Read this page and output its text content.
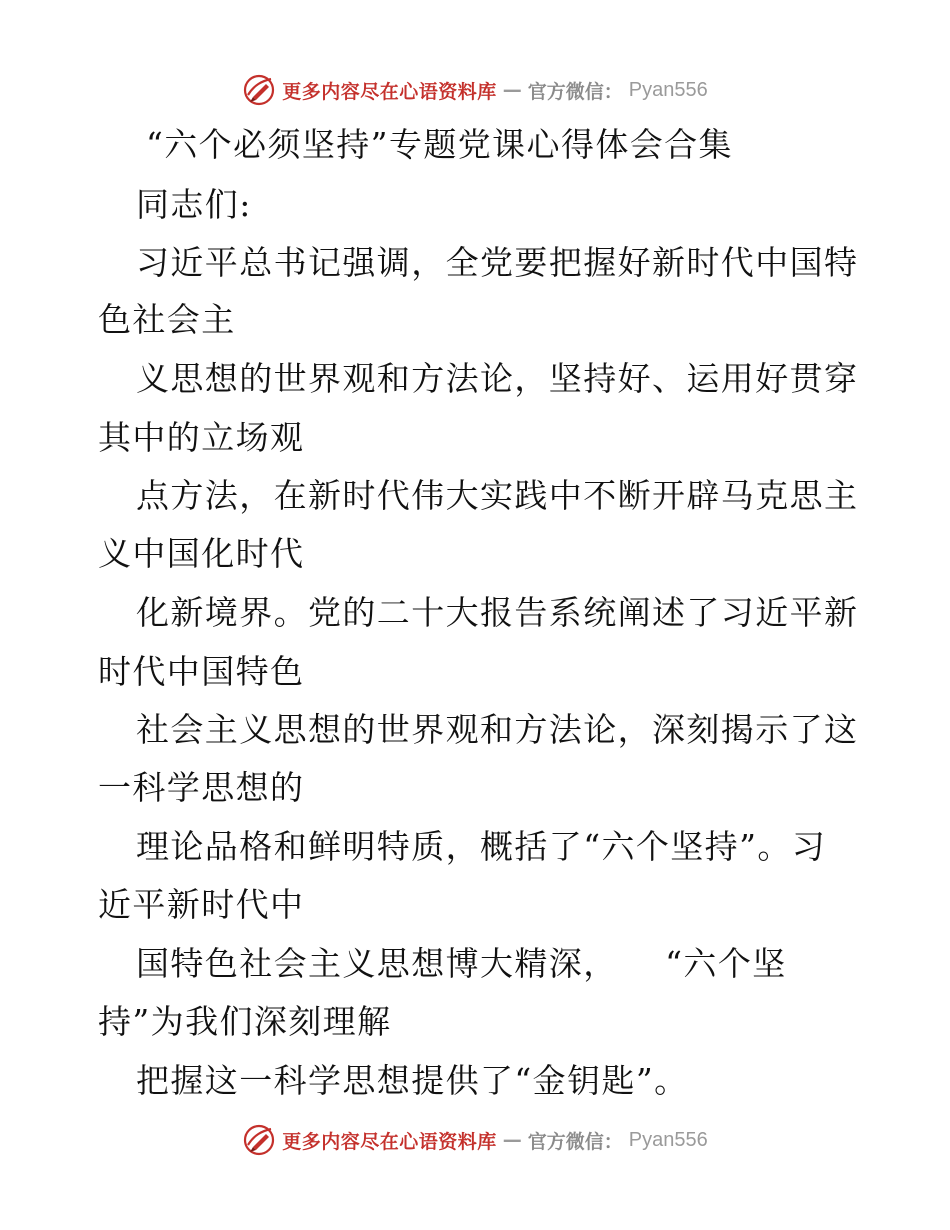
更多内容尽在心语资料库 — 官方微信： Pyan556
“六个必须坚持”专题党课心得体会合集
同志们:
习近平总书记强调，全党要把握好新时代中国特
色社会主
义思想的世界观和方法论，坚持好、运用好贯穿
其中的立场观
点方法，在新时代伟大实践中不断开辟马克思主
义中国化时代
化新境界。党的二十大报告系统阐述了习近平新
时代中国特色
社会主义思想的世界观和方法论，深刻揭示了这
一科学思想的
理论品格和鲜明特质，概括了“六个坚持”。习
近平新时代中
国特色社会主义思想博大精深，    “六个坚
持”为我们深刻理解
把握这一科学思想提供了“金钥匙”。
更多内容尽在心语资料库 — 官方微信： Pyan556
